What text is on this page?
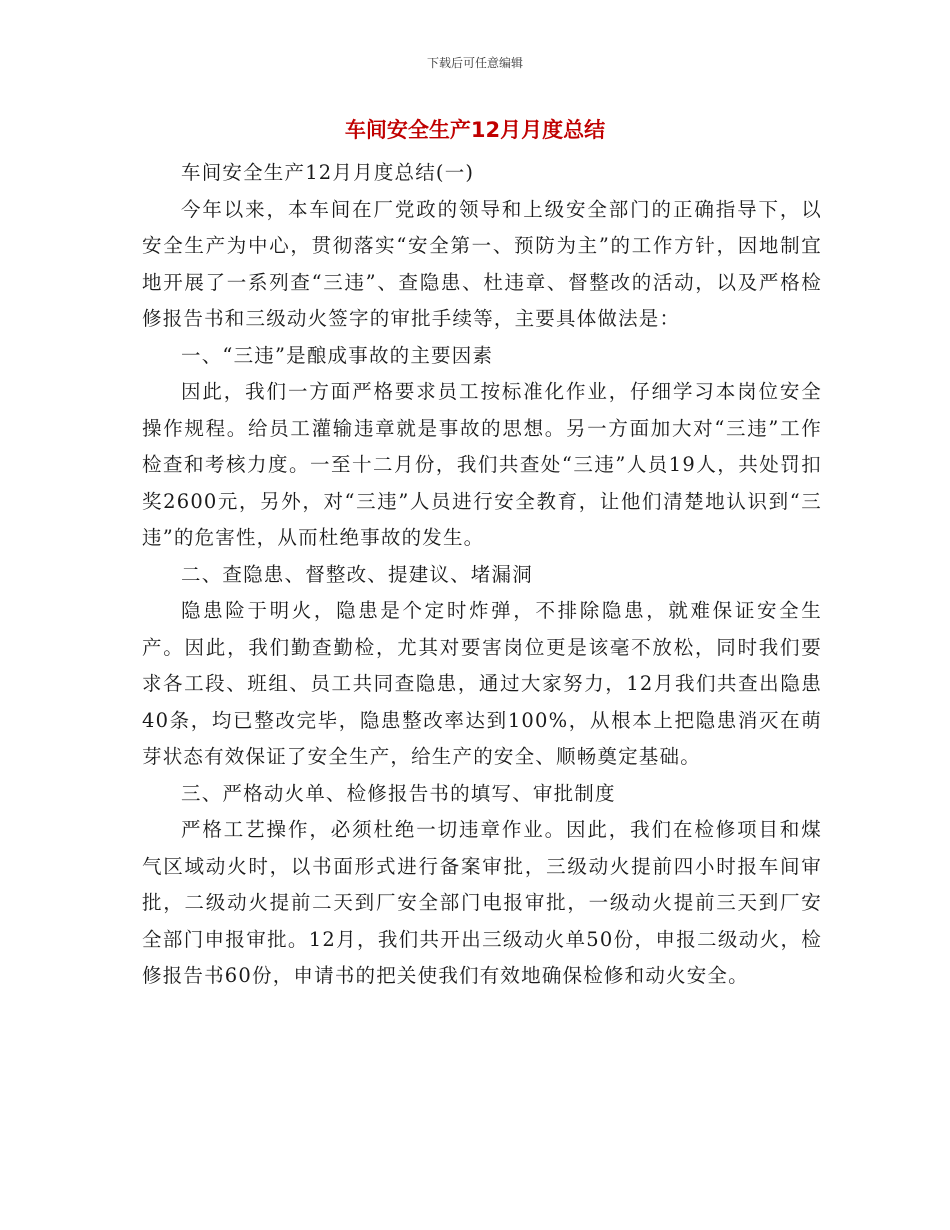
下载后可任意编辑
车间安全生产12月月度总结

车间安全生产12月月度总结(一)

今年以来，本车间在厂党政的领导和上级安全部门的正确指导下，以安全生产为中心，贯彻落实“安全第一、预防为主”的工作方针，因地制宜地开展了一系列查“三违”、查隐患、杜违章、督整改的活动，以及严格检修报告书和三级动火签字的审批手续等，主要具体做法是：

一、“三违”是酿成事故的主要因素

因此，我们一方面严格要求员工按标准化作业，仔细学习本岗位安全操作规程。给员工灌输违章就是事故的思想。另一方面加大对“三违”工作检查和考核力度。一至十二月份，我们共查处“三违”人员19人，共处罚扣奖2600元，另外，对“三违”人员进行安全教育，让他们清楚地认识到“三违”的危害性，从而杜绝事故的发生。

二、查隐患、督整改、提建议、堵漏洞

隐患险于明火，隐患是个定时炸弹，不排除隐患，就难保证安全生产。因此，我们勤查勤检，尤其对要害岗位更是该毫不放松，同时我们要求各工段、班组、员工共同查隐患，通过大家努力，12月我们共查出隐患40条，均已整改完毕，隐患整改率达到100%，从根本上把隐患消灭在萌芽状态有效保证了安全生产，给生产的安全、顺畅奠定基础。

三、严格动火单、检修报告书的填写、审批制度

严格工艺操作，必须杜绝一切违章作业。因此，我们在检修项目和煤气区域动火时，以书面形式进行备案审批，三级动火提前四小时报车间审批，二级动火提前二天到厂安全部门电报审批，一级动火提前三天到厂安全部门申报审批。12月，我们共开出三级动火单50份，申报二级动火，检修报告书60份，申请书的把关使我们有效地确保检修和动火安全。
